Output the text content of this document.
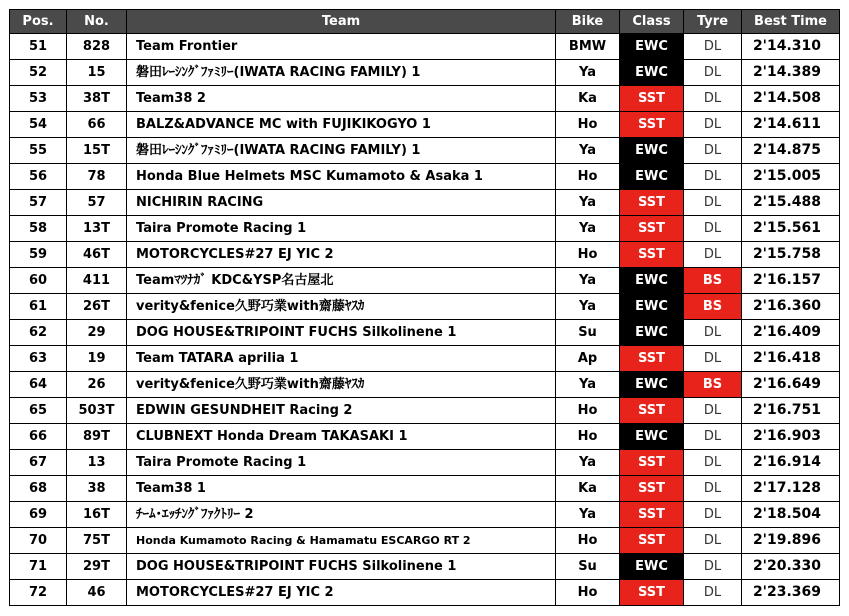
Pos.	No.	Team	Bike	Class	Tyre	Best Time
51	828	Team Frontier	BMW	EWC	DL	2'14.310
52	15	磐田ﾚｰｼﾝｸﾞﾌｧﾐﾘｰ(IWATA RACING FAMILY) 1	Ya	EWC	DL	2'14.389
53	38T	Team38 2	Ka	SST	DL	2'14.508
54	66	BALZ&ADVANCE MC with FUJIKIKOGYO 1	Ho	SST	DL	2'14.611
55	15T	磐田ﾚｰｼﾝｸﾞﾌｧﾐﾘｰ(IWATA RACING FAMILY) 1	Ya	EWC	DL	2'14.875
56	78	Honda Blue Helmets MSC Kumamoto & Asaka 1	Ho	EWC	DL	2'15.005
57	57	NICHIRIN RACING	Ya	SST	DL	2'15.488
58	13T	Taira Promote Racing 1	Ya	SST	DL	2'15.561
59	46T	MOTORCYCLES#27 EJ YIC 2	Ho	SST	DL	2'15.758
60	411	Teamﾏﾂﾅｶﾞ KDC&YSP名古屋北	Ya	EWC	BS	2'16.157
61	26T	verity&fenice久野巧業with齋藤ﾔｽｶ	Ya	EWC	BS	2'16.360
62	29	DOG HOUSE&TRIPOINT FUCHS Silkolinene 1	Su	EWC	DL	2'16.409
63	19	Team TATARA aprilia 1	Ap	SST	DL	2'16.418
64	26	verity&fenice久野巧業with齋藤ﾔｽｶ	Ya	EWC	BS	2'16.649
65	503T	EDWIN GESUNDHEIT Racing 2	Ho	SST	DL	2'16.751
66	89T	CLUBNEXT Honda Dream TAKASAKI 1	Ho	EWC	DL	2'16.903
67	13	Taira Promote Racing 1	Ya	SST	DL	2'16.914
68	38	Team38 1	Ka	SST	DL	2'17.128
69	16T	ﾁｰﾑ･ｴｯﾁﾝｸﾞﾌｧｸﾄﾘｰ 2	Ya	SST	DL	2'18.504
70	75T	Honda Kumamoto Racing & Hamamatu ESCARGO RT 2	Ho	SST	DL	2'19.896
71	29T	DOG HOUSE&TRIPOINT FUCHS Silkolinene 1	Su	EWC	DL	2'20.330
72	46	MOTORCYCLES#27 EJ YIC 2	Ho	SST	DL	2'23.369
